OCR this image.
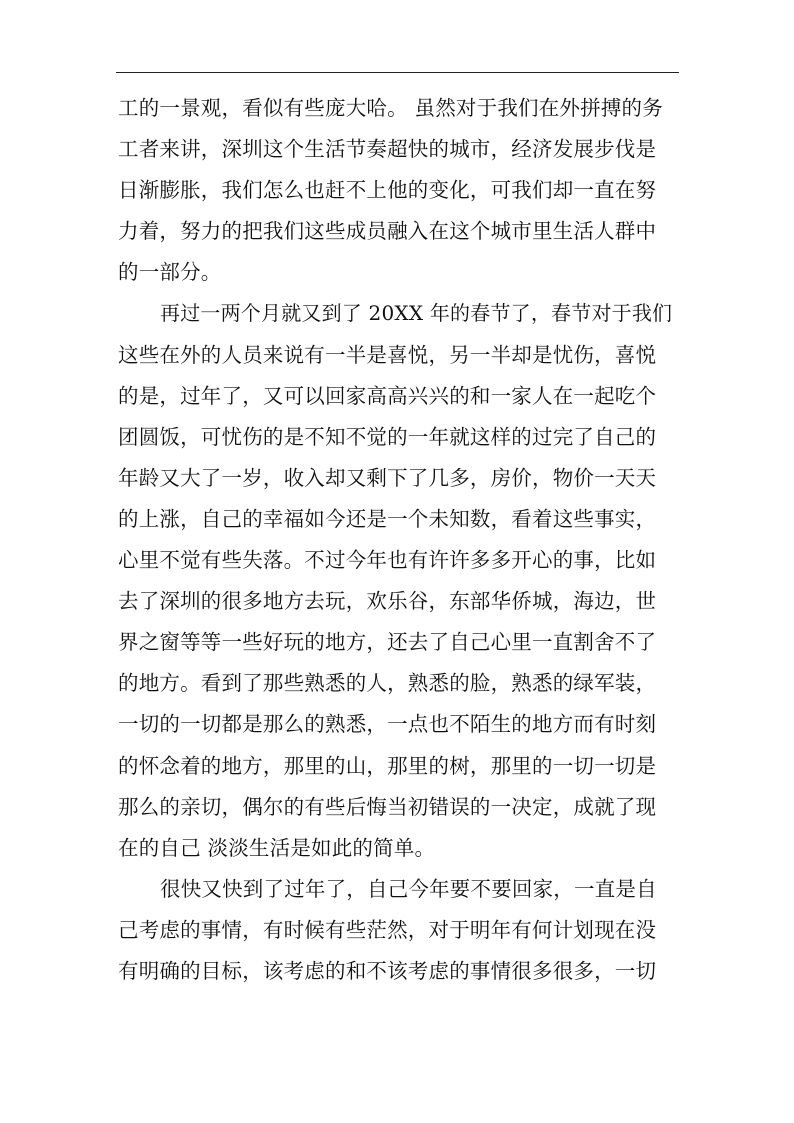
工的一景观，看似有些庞大哈。 虽然对于我们在外拼搏的务
工者来讲，深圳这个生活节奏超快的城市，经济发展步伐是
日渐膨胀，我们怎么也赶不上他的变化，可我们却一直在努
力着，努力的把我们这些成员融入在这个城市里生活人群中
的一部分。
再过一两个月就又到了 20XX 年的春节了，春节对于我们
这些在外的人员来说有一半是喜悦，另一半却是忧伤，喜悦
的是，过年了，又可以回家高高兴兴的和一家人在一起吃个
团圆饭，可忧伤的是不知不觉的一年就这样的过完了自己的
年龄又大了一岁，收入却又剩下了几多，房价，物价一天天
的上涨，自己的幸福如今还是一个未知数，看着这些事实，
心里不觉有些失落。不过今年也有许许多多开心的事，比如
去了深圳的很多地方去玩，欢乐谷，东部华侨城，海边，世
界之窗等等一些好玩的地方，还去了自己心里一直割舍不了
的地方。看到了那些熟悉的人，熟悉的脸，熟悉的绿军装，
一切的一切都是那么的熟悉，一点也不陌生的地方而有时刻
的怀念着的地方，那里的山，那里的树，那里的一切一切是
那么的亲切，偶尔的有些后悔当初错误的一决定，成就了现
在的自己 淡淡生活是如此的简单。
很快又快到了过年了，自己今年要不要回家，一直是自
己考虑的事情，有时候有些茫然，对于明年有何计划现在没
有明确的目标，该考虑的和不该考虑的事情很多很多，一切
